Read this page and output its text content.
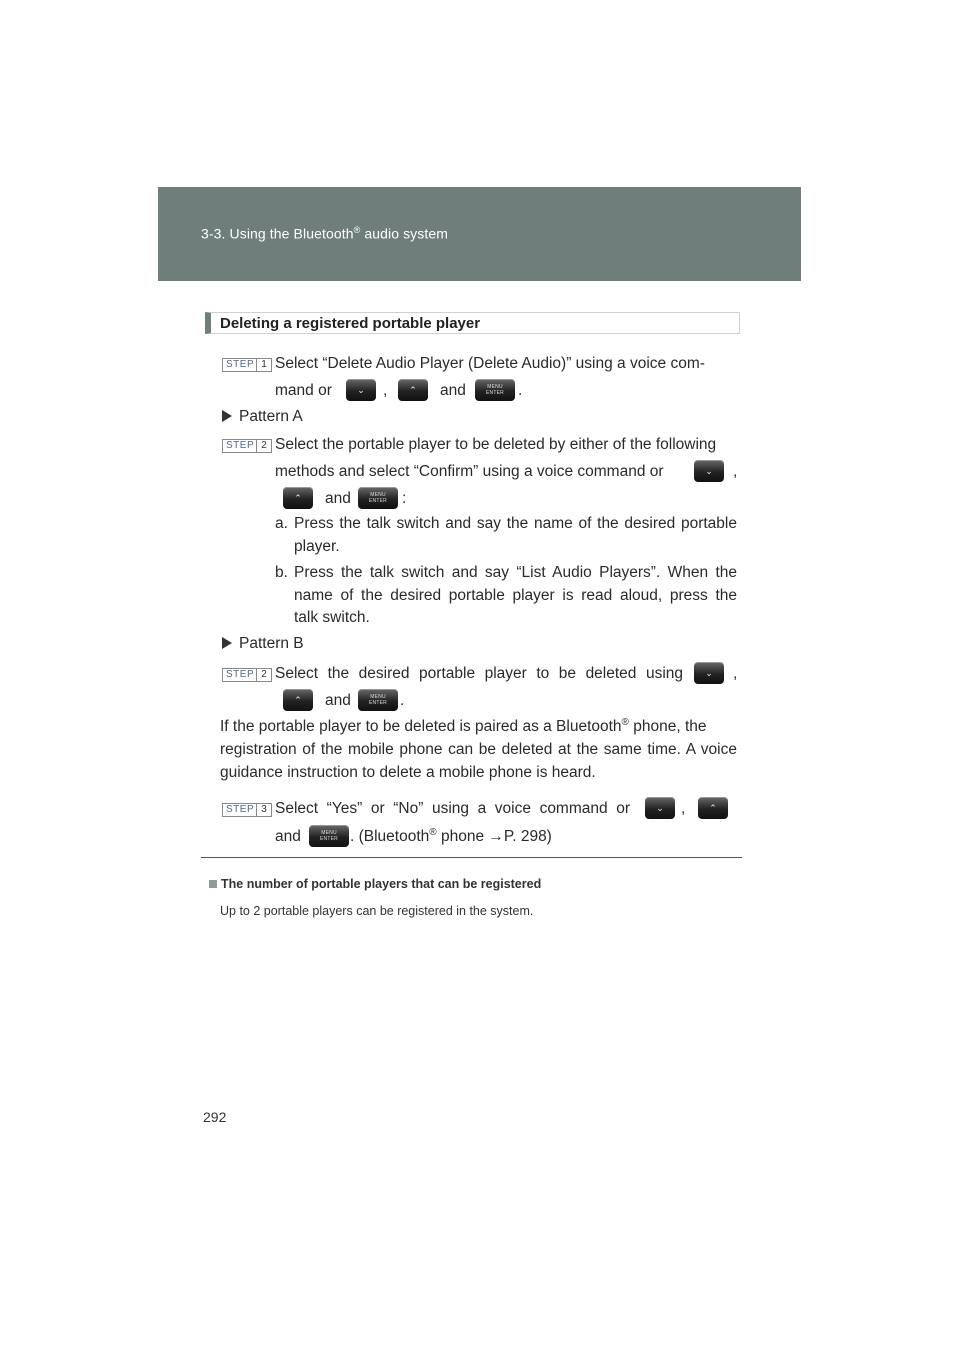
3-3. Using the Bluetooth® audio system
Deleting a registered portable player
STEP 1 Select “Delete Audio Player (Delete Audio)” using a voice com-
mand or	⌄	,	⌃	and	MENU
ENTER .
Pattern A
STEP 2 Select the portable player to be deleted by either of the following
methods and select “Confirm” using a voice command or	⌄	,
⌃	and	MENU
ENTER :
a. Press the talk switch and say the name of the desired portable
player.
b. Press the talk switch and say “List Audio Players”. When the
name of the desired portable player is read aloud, press the
talk switch.
Pattern B
STEP 2 Select the desired portable player to be deleted using	⌄	,
⌃	and	MENU
ENTER .
If the portable player to be deleted is paired as a Bluetooth® phone, the
registration of the mobile phone can be deleted at the same time. A voice
guidance instruction to delete a mobile phone is heard.
STEP 3 Select “Yes” or “No” using a voice command or	⌄	,	⌃
and	MENU
ENTER . (Bluetooth® phone →P. 298)
The number of portable players that can be registered
Up to 2 portable players can be registered in the system.
292
